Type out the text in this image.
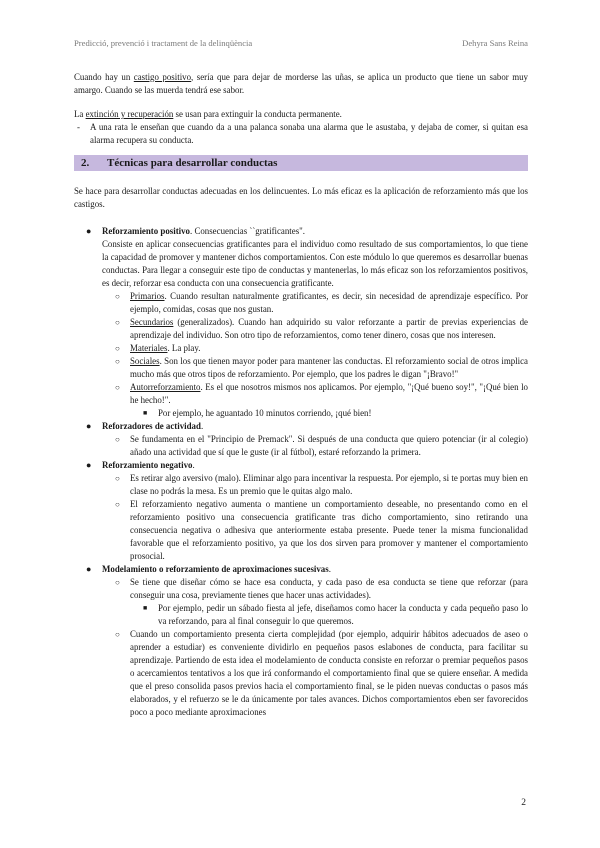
Predicció, prevenció i tractament de la delinqüència	Dehyra Sans Reina

Cuando hay un castigo positivo, sería que para dejar de morderse las uñas, se aplica un producto que tiene un sabor muy amargo. Cuando se las muerda tendrá ese sabor.

La extinción y recuperación se usan para extinguir la conducta permanente.

- A una rata le enseñan que cuando da a una palanca sonaba una alarma que le asustaba, y dejaba de comer, si quitan esa alarma recupera su conducta.

2.	Técnicas para desarrollar conductas

Se hace para desarrollar conductas adecuadas en los delincuentes. Lo más eficaz es la aplicación de reforzamiento más que los castigos.

● Reforzamiento positivo. Consecuencias ``gratificantes".

Consiste en aplicar consecuencias gratificantes para el individuo como resultado de sus comportamientos, lo que tiene la capacidad de promover y mantener dichos comportamientos. Con este módulo lo que queremos es desarrollar buenas conductas. Para llegar a conseguir este tipo de conductas y mantenerlas, lo más eficaz son los reforzamientos positivos, es decir, reforzar esa conducta con una consecuencia gratificante.

○ Primarios. Cuando resultan naturalmente gratificantes, es decir, sin necesidad de aprendizaje específico. Por ejemplo, comidas, cosas que nos gustan.

○ Secundarios (generalizados). Cuando han adquirido su valor reforzante a partir de previas experiencias de aprendizaje del individuo. Son otro tipo de reforzamientos, como tener dinero, cosas que nos interesen.

○ Materiales. La play.

○ Sociales. Son los que tienen mayor poder para mantener las conductas. El reforzamiento social de otros implica mucho más que otros tipos de reforzamiento. Por ejemplo, que los padres le digan "¡Bravo!"

○ Autorreforzamiento. Es el que nosotros mismos nos aplicamos. Por ejemplo, "¡Qué bueno soy!", "¡Qué bien lo he hecho!".

■ Por ejemplo, he aguantado 10 minutos corriendo, ¡qué bien!

● Reforzadores de actividad.

○ Se fundamenta en el "Principio de Premack". Si después de una conducta que quiero potenciar (ir al colegio) añado una actividad que sí que le guste (ir al fútbol), estaré reforzando la primera.

● Reforzamiento negativo.

○ Es retirar algo aversivo (malo). Eliminar algo para incentivar la respuesta. Por ejemplo, si te portas muy bien en clase no podrás la mesa. Es un premio que le quitas algo malo.

○ El reforzamiento negativo aumenta o mantiene un comportamiento deseable, no presentando como en el reforzamiento positivo una consecuencia gratificante tras dicho comportamiento, sino retirando una consecuencia negativa o adhesiva que anteriormente estaba presente. Puede tener la misma funcionalidad favorable que el reforzamiento positivo, ya que los dos sirven para promover y mantener el comportamiento prosocial.

● Modelamiento o reforzamiento de aproximaciones sucesivas.

○ Se tiene que diseñar cómo se hace esa conducta, y cada paso de esa conducta se tiene que reforzar (para conseguir una cosa, previamente tienes que hacer unas actividades).

■ Por ejemplo, pedir un sábado fiesta al jefe, diseñamos como hacer la conducta y cada pequeño paso lo va reforzando, para al final conseguir lo que queremos.

○ Cuando un comportamiento presenta cierta complejidad (por ejemplo, adquirir hábitos adecuados de aseo o aprender a estudiar) es conveniente dividirlo en pequeños pasos eslabones de conducta, para facilitar su aprendizaje. Partiendo de esta idea el modelamiento de conducta consiste en reforzar o premiar pequeños pasos o acercamientos tentativos a los que irá conformando el comportamiento final que se quiere enseñar. A medida que el preso consolida pasos previos hacia el comportamiento final, se le piden nuevas conductas o pasos más elaborados, y el refuerzo se le da únicamente por tales avances. Dichos comportamientos eben ser favorecidos poco a poco mediante aproximaciones

2
